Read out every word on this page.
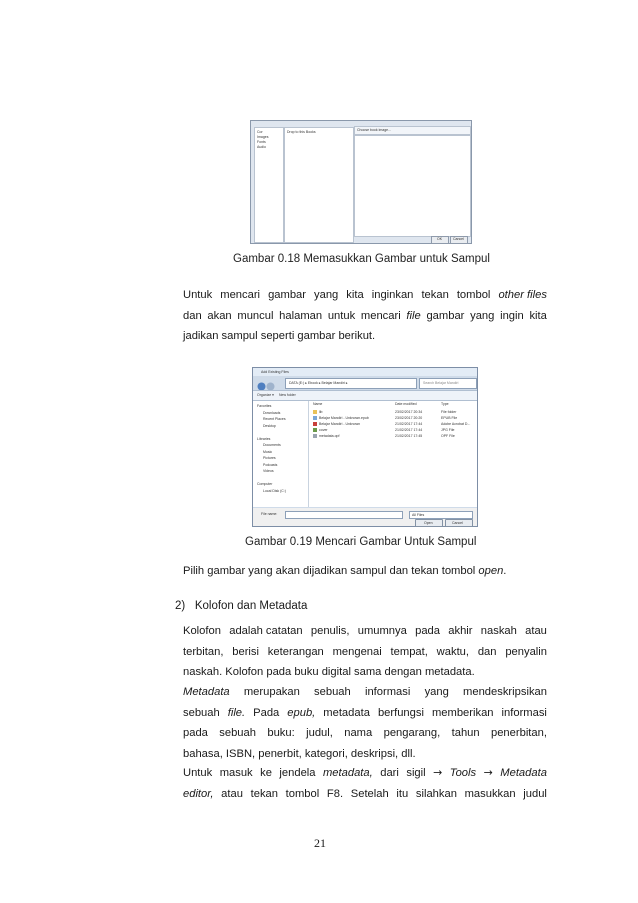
Cor
Images
Fonts
Audio
Drop to this Books	Choose book image...
OK	Cancel
Gambar 0.18 Memasukkan Gambar untuk Sampul
Untuk mencari gambar yang kita inginkan tekan tombol other files
dan akan muncul halaman untuk mencari file gambar yang ingin kita
jadikan sampul seperti gambar berikut.
Add Existing Files
DATA (E:) ▸ Ebook ▸ Belajar Mandiri ▸	Search Belajar Mandiri
Organize ▾ New folder
Favorites
Downloads
Recent Places
Desktop
Libraries
Documents
Music
Pictures
Podcasts
Videos
Computer
Local Disk (C:)
Name	Date modified	Type
lib	23/02/2017 20:34	File folder
Belajar Mandiri - Unknown.epub	23/02/2017 20:20	EPUB File
Belajar Mandiri - Unknown	21/02/2017 17:44	Adobe Acrobat D...
cover	21/02/2017 17:44	JPG File
metadata.opf	21/02/2017 17:45	OPF File
File name:	All Files
Open	Cancel
Gambar 0.19 Mencari Gambar Untuk Sampul
Pilih gambar yang akan dijadikan sampul dan tekan tombol open.
2) Kolofon dan Metadata
Kolofon adalah catatan penulis, umumnya pada akhir naskah atau
terbitan, berisi keterangan mengenai tempat, waktu, dan penyalin
naskah. Kolofon pada buku digital sama dengan metadata.
Metadata merupakan sebuah informasi yang mendeskripsikan
sebuah file. Pada epub, metadata berfungsi memberikan informasi
pada sebuah buku: judul, nama pengarang, tahun penerbitan,
bahasa, ISBN, penerbit, kategori, deskripsi, dll.
Untuk masuk ke jendela metadata, dari sigil → Tools → Metadata
editor, atau tekan tombol F8. Setelah itu silahkan masukkan judul
21
